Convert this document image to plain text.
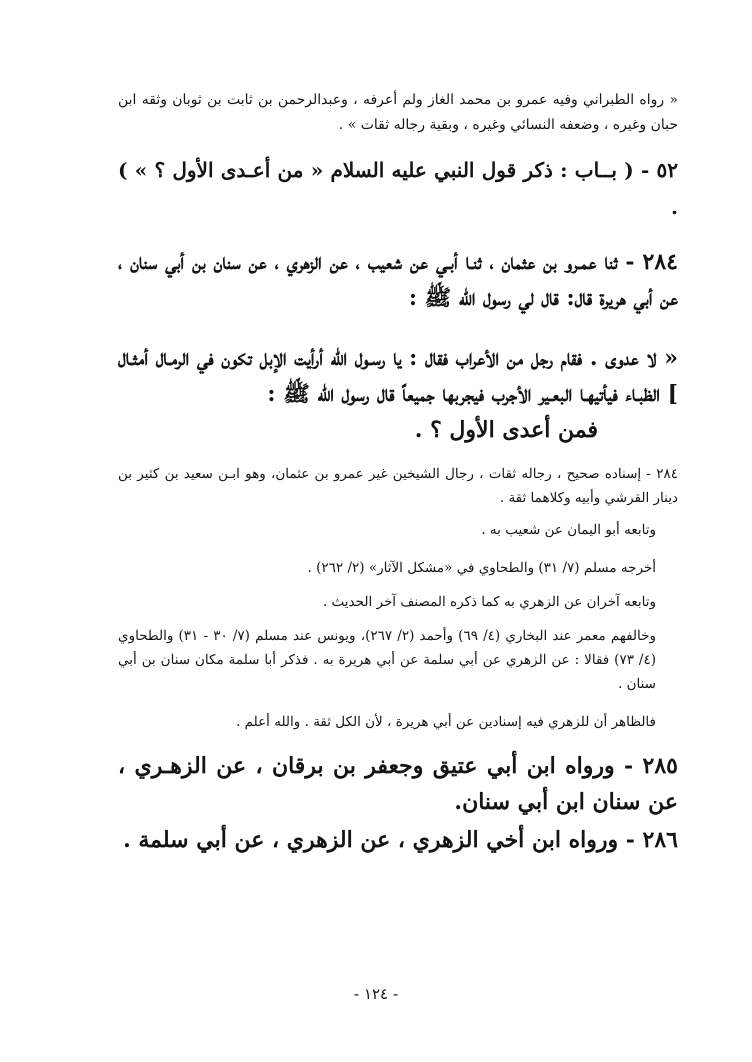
« رواه الطبراني وفيه عمرو بن محمد الغاز ولم أعرفه ، وعبدالرحمن بن ثابت بن ثوبان وثقه ابن حبان وغيره ، وضعفه النسائي وغيره ، وبقية رجاله ثقات » .

٥٢ - ( بــاب : ذكر قول النبي عليه السلام « من أعـدى الأول ؟ » ) .

٢٨٤ - ثنا عمـرو بن عثمان ، ثنـا أبـي عن شعيب ، عن الزهري ، عن سنان بن أبي سنان ، عن أبي هريرة قال: قال لي رسول الله ﷺ :

« لا عدوى . فقام رجل من الأعراب فقال : يا رسـول الله أرأيت الإبل تكون في الرمـال أمثـال ] الظبـاء فيأتيهـا البعـير الأجرب فيجربها جميعاً قال رسول الله ﷺ :

فمن أعدى الأول ؟ .

٢٨٤ - إسناده صحيح ، رجاله ثقات ، رجال الشيخين غير عمرو بن عثمان، وهو ابـن سعيد بن كثير بن دينار القرشي وأبيه وكلاهما ثقة .

وتابعه أبو اليمان عن شعيب به .

أخرجه مسلم (٧/ ٣١) والطحاوي في «مشكل الآثار» (٢/ ٢٦٢) .

وتابعه آخران عن الزهري به كما ذكره المصنف آخر الحديث .

وخالفهم معمر عند البخاري (٤/ ٦٩) وأحمد (٢/ ٢٦٧)، ويونس عند مسلم (٧/ ٣٠ - ٣١) والطحاوي (٤/ ٧٣) فقالا : عن الزهري عن أبي سلمة عن أبي هريرة به . فذكر أبا سلمة مكان سنان بن أبي سنان .

فالظاهر أن للزهري فيه إسنادين عن أبي هريرة ، لأن الكل ثقة . والله أعلم .

٢٨٥ - ورواه ابن أبي عتيق وجعفر بن برقان ، عن الزهـري ، عن سنان ابن أبي سنان.

٢٨٦ - ورواه ابن أخي الزهري ، عن الزهري ، عن أبي سلمة .

- ١٢٤ -
